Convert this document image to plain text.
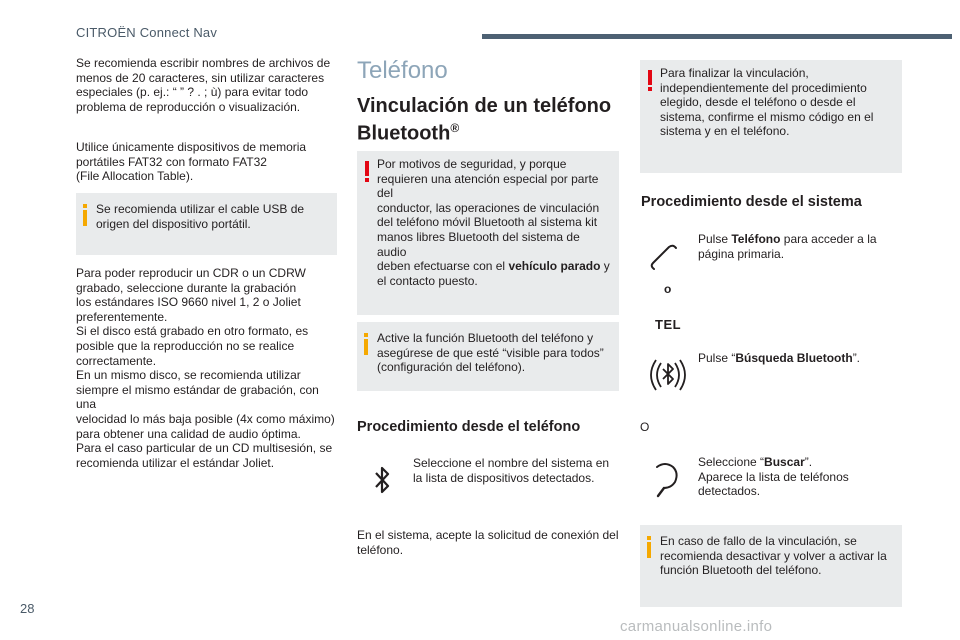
CITROËN Connect Nav
Se recomienda escribir nombres de archivos de
menos de 20 caracteres, sin utilizar caracteres
especiales (p. ej.: “ ” ? . ; ù) para evitar todo
problema de reproducción o visualización.
Utilice únicamente dispositivos de memoria
portátiles FAT32 con formato FAT32
(File Allocation Table).
Se recomienda utilizar el cable USB de
origen del dispositivo portátil.
Para poder reproducir un CDR o un CDRW
grabado, seleccione durante la grabación
los estándares ISO 9660 nivel 1, 2 o Joliet
preferentemente.
Si el disco está grabado en otro formato, es
posible que la reproducción no se realice
correctamente.
En un mismo disco, se recomienda utilizar
siempre el mismo estándar de grabación, con una
velocidad lo más baja posible (4x como máximo)
para obtener una calidad de audio óptima.
Para el caso particular de un CD multisesión, se
recomienda utilizar el estándar Joliet.
Teléfono
Vinculación de un teléfono Bluetooth®
Por motivos de seguridad, y porque
requieren una atención especial por parte del
conductor, las operaciones de vinculación
del teléfono móvil Bluetooth al sistema kit
manos libres Bluetooth del sistema de audio
deben efectuarse con el vehículo parado y
el contacto puesto.
Active la función Bluetooth del teléfono y
asegúrese de que esté “visible para todos”
(configuración del teléfono).
Procedimiento desde el teléfono
Seleccione el nombre del sistema en
la lista de dispositivos detectados.
En el sistema, acepte la solicitud de conexión del
teléfono.
Para finalizar la vinculación,
independientemente del procedimiento
elegido, desde el teléfono o desde el
sistema, confirme el mismo código en el
sistema y en el teléfono.
Procedimiento desde el sistema
Pulse Teléfono para acceder a la
página primaria.
o
TEL
Pulse “Búsqueda Bluetooth”.
O
Seleccione “Buscar”.
Aparece la lista de teléfonos
detectados.
En caso de fallo de la vinculación, se
recomienda desactivar y volver a activar la
función Bluetooth del teléfono.
28
carmanualsonline.info
